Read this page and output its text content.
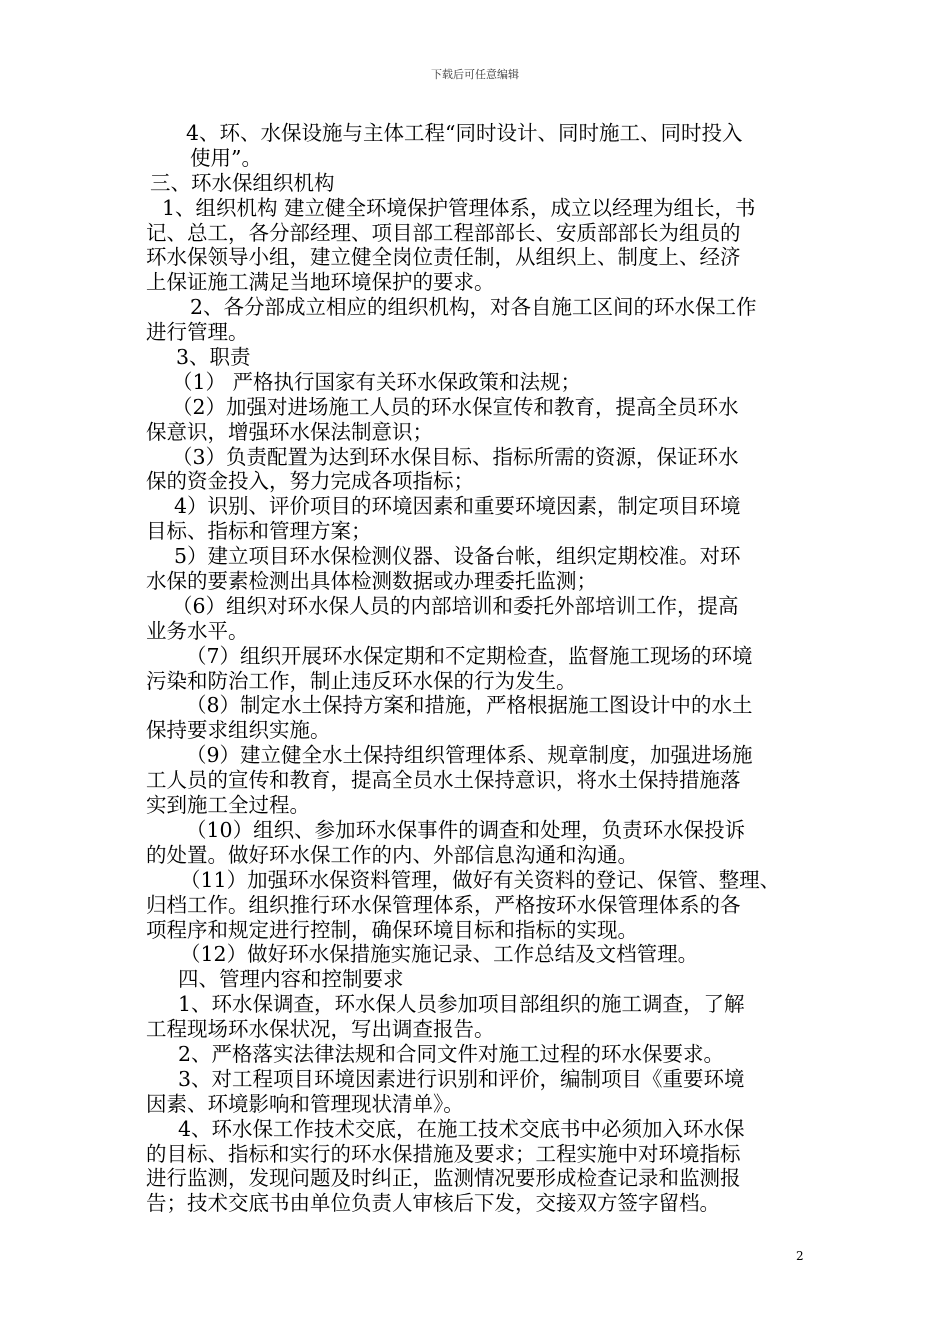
下载后可任意编辑
4、环、水保设施与主体工程“同时设计、同时施工、同时投入
使用”。
三、环水保组织机构
1、组织机构 建立健全环境保护管理体系，成立以经理为组长，书
记、总工，各分部经理、项目部工程部部长、安质部部长为组员的
环水保领导小组，建立健全岗位责任制，从组织上、制度上、经济
上保证施工满足当地环境保护的要求。
2、各分部成立相应的组织机构，对各自施工区间的环水保工作
进行管理。
3、职责
（1） 严格执行国家有关环水保政策和法规；
（2）加强对进场施工人员的环水保宣传和教育，提高全员环水
保意识，增强环水保法制意识；
（3）负责配置为达到环水保目标、指标所需的资源，保证环水
保的资金投入，努力完成各项指标；
4）识别、评价项目的环境因素和重要环境因素，制定项目环境
目标、指标和管理方案；
5）建立项目环水保检测仪器、设备台帐，组织定期校准。对环
水保的要素检测出具体检测数据或办理委托监测；
（6）组织对环水保人员的内部培训和委托外部培训工作，提高
业务水平。
（7）组织开展环水保定期和不定期检查，监督施工现场的环境
污染和防治工作，制止违反环水保的行为发生。
（8）制定水土保持方案和措施，严格根据施工图设计中的水土
保持要求组织实施。
（9）建立健全水土保持组织管理体系、规章制度，加强进场施
工人员的宣传和教育，提高全员水土保持意识，将水土保持措施落
实到施工全过程。
（10）组织、参加环水保事件的调查和处理，负责环水保投诉
的处置。做好环水保工作的内、外部信息沟通和沟通。
（11）加强环水保资料管理，做好有关资料的登记、保管、整理、
归档工作。组织推行环水保管理体系，严格按环水保管理体系的各
项程序和规定进行控制，确保环境目标和指标的实现。
（12）做好环水保措施实施记录、工作总结及文档管理。
四、管理内容和控制要求
1、环水保调查，环水保人员参加项目部组织的施工调查，了解
工程现场环水保状况，写出调查报告。
2、严格落实法律法规和合同文件对施工过程的环水保要求。
3、对工程项目环境因素进行识别和评价，编制项目《重要环境
因素、环境影响和管理现状清单》。
4、环水保工作技术交底，在施工技术交底书中必须加入环水保
的目标、指标和实行的环水保措施及要求；工程实施中对环境指标
进行监测，发现问题及时纠正，监测情况要形成检查记录和监测报
告；技术交底书由单位负责人审核后下发，交接双方签字留档。
2
